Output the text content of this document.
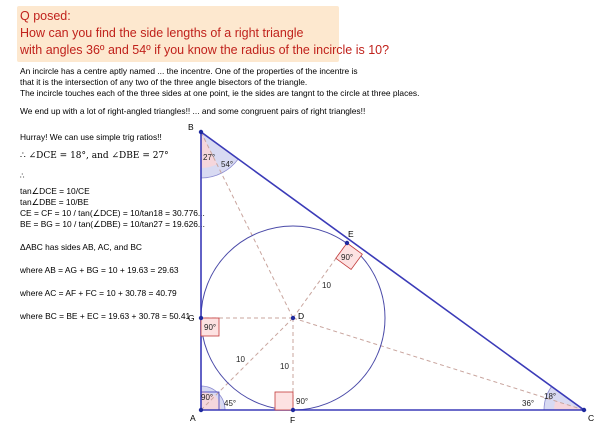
Q posed:
How can you find the side lengths of a right triangle
with angles 36º and 54º if you know the radius of the incircle is 10?
An incircle has a centre aptly named ... the incentre. One of the properties of the incentre is
that it is the intersection of any two of the three angle bisectors of the triangle.
The incircle touches each of the three sides at one point, ie the sides are tangnt to the circle at three places.
We end up with a lot of right-angled triangles!! ... and some congruent pairs of right triangles!!
Hurray! We can use simple trig ratios!!
∴ ∠DCE = 18°, and ∠DBE = 27°
∴
tan∠DCE = 10/CE
tan∠DBE = 10/BE
CE = CF = 10 / tan(∠DCE) = 10/tan18 = 30.776...
BE = BG = 10 / tan(∠DBE) = 10/tan27 = 19.626...
ΔABC has sides AB, AC, and BC
where AB = AG + BG = 10 + 19.63 = 29.63
where AC = AF + FC = 10 + 30.78 = 40.79
where BC = BE + EC = 19.63 + 30.78 = 50.41
A
B
C
D
E
F
G
27°
54°
18°
36°
45°
90°
90°
90°
90°
10
10
10
